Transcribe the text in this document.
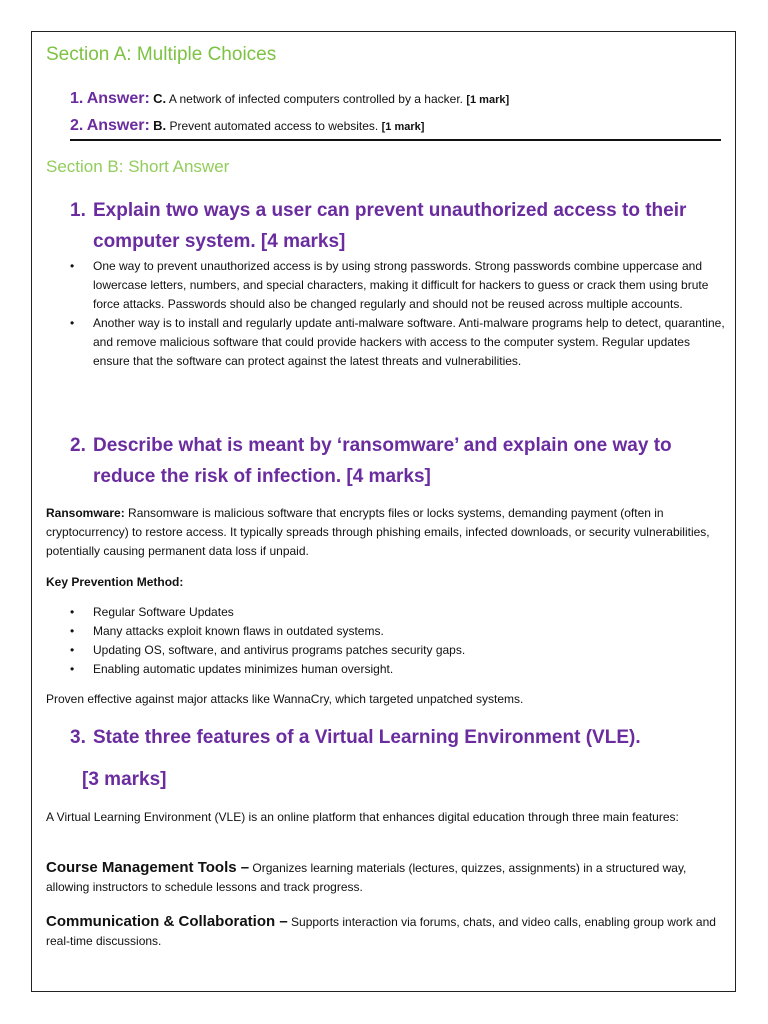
Section A: Multiple Choices
1. Answer: C. A network of infected computers controlled by a hacker. [1 mark]
2. Answer: B. Prevent automated access to websites. [1 mark]
Section B: Short Answer
1. Explain two ways a user can prevent unauthorized access to their computer system. [4 marks]
• One way to prevent unauthorized access is by using strong passwords. Strong passwords combine uppercase and lowercase letters, numbers, and special characters, making it difficult for hackers to guess or crack them using brute force attacks. Passwords should also be changed regularly and should not be reused across multiple accounts.
• Another way is to install and regularly update anti-malware software. Anti-malware programs help to detect, quarantine, and remove malicious software that could provide hackers with access to the computer system. Regular updates ensure that the software can protect against the latest threats and vulnerabilities.
2. Describe what is meant by ‘ransomware’ and explain one way to reduce the risk of infection. [4 marks]

Ransomware: Ransomware is malicious software that encrypts files or locks systems, demanding payment (often in cryptocurrency) to restore access. It typically spreads through phishing emails, infected downloads, or security vulnerabilities, potentially causing permanent data loss if unpaid.

Key Prevention Method:

• Regular Software Updates
• Many attacks exploit known flaws in outdated systems.
• Updating OS, software, and antivirus programs patches security gaps.
• Enabling automatic updates minimizes human oversight.

Proven effective against major attacks like WannaCry, which targeted unpatched systems.

3. State three features of a Virtual Learning Environment (VLE).
[3 marks]

A Virtual Learning Environment (VLE) is an online platform that enhances digital education through three main features:

Course Management Tools – Organizes learning materials (lectures, quizzes, assignments) in a structured way, allowing instructors to schedule lessons and track progress.

Communication & Collaboration – Supports interaction via forums, chats, and video calls, enabling group work and real-time discussions.
